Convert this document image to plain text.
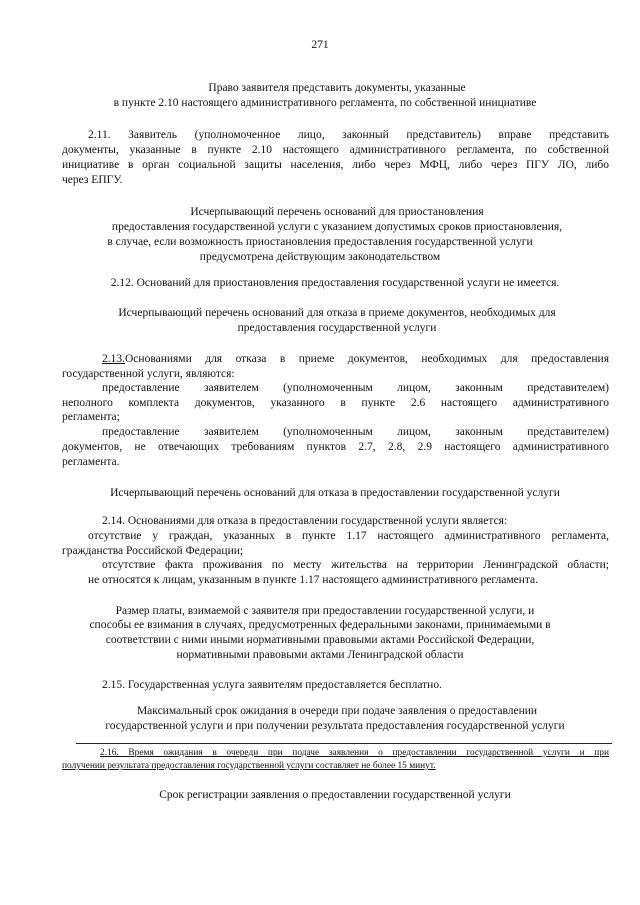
271
Право заявителя представить документы, указанные
в пункте 2.10 настоящего административного регламента, по собственной инициативе
2.11. Заявитель (уполномоченное лицо, законный представитель) вправе представить
документы, указанные в пункте 2.10 настоящего административного регламента, по собственной
инициативе в орган социальной защиты населения, либо через МФЦ, либо через ПГУ ЛО, либо
через ЕПГУ.
Исчерпывающий перечень оснований для приостановления
предоставления государственной услуги с указанием допустимых сроков приостановления,
в случае, если возможность приостановления предоставления государственной услуги
предусмотрена действующим законодательством
2.12. Оснований для приостановления предоставления государственной услуги не имеется.
Исчерпывающий перечень оснований для отказа в приеме документов, необходимых для
предоставления государственной услуги
2.13. Основаниями для отказа в приеме документов, необходимых для предоставления
государственной услуги, являются:
предоставление заявителем (уполномоченным лицом, законным представителем)
неполного комплекта документов, указанного в пункте 2.6 настоящего административного
регламента;
предоставление заявителем (уполномоченным лицом, законным представителем)
документов, не отвечающих требованиям пунктов 2.7, 2.8, 2.9 настоящего административного
регламента.
Исчерпывающий перечень оснований для отказа в предоставлении государственной услуги
2.14. Основаниями для отказа в предоставлении государственной услуги является:
отсутствие у граждан, указанных в пункте 1.17 настоящего административного регламента,
гражданства Российской Федерации;
отсутствие факта проживания по месту жительства на территории Ленинградской области;
не относятся к лицам, указанным в пункте 1.17 настоящего административного регламента.
Размер платы, взимаемой с заявителя при предоставлении государственной услуги, и
способы ее взимания в случаях, предусмотренных федеральными законами, принимаемыми в
соответствии с ними иными нормативными правовыми актами Российской Федерации,
нормативными правовыми актами Ленинградской области
2.15. Государственная услуга заявителям предоставляется бесплатно.
Максимальный срок ожидания в очереди при подаче заявления о предоставлении
государственной услуги и при получении результата предоставления государственной услуги
2.16. Время ожидания в очереди при подаче заявления о предоставлении государственной услуги и при
получении результата предоставления государственной услуги составляет не более 15 минут.
Срок регистрации заявления о предоставлении государственной услуги
